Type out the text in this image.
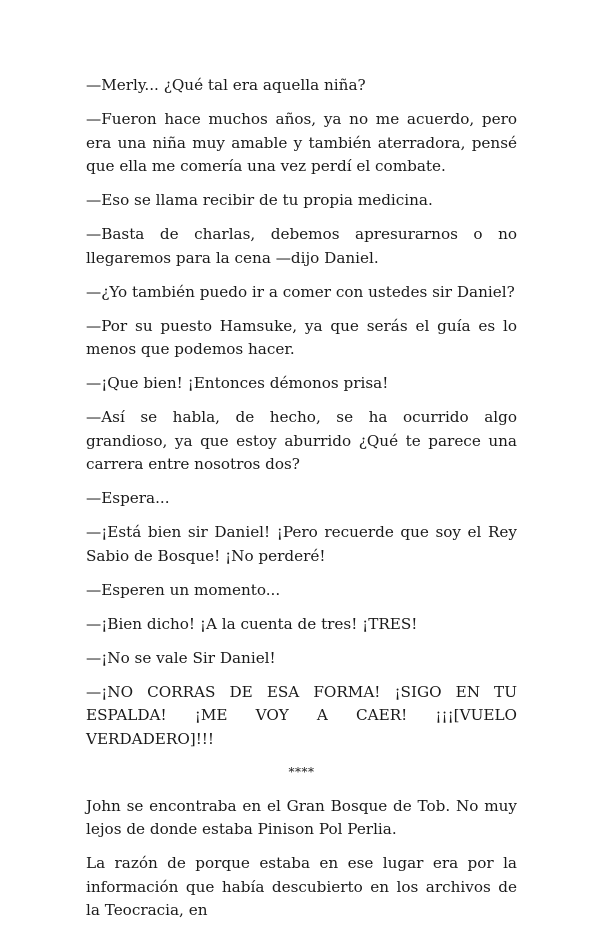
—Merly... ¿Qué tal era aquella niña?

—Fueron hace muchos años, ya no me acuerdo, pero era una niña muy amable y también aterradora, pensé que ella me comería una vez perdí el combate.

—Eso se llama recibir de tu propia medicina.

—Basta de charlas, debemos apresurarnos o no llegaremos para la cena —dijo Daniel.

—¿Yo también puedo ir a comer con ustedes sir Daniel?

—Por su puesto Hamsuke, ya que serás el guía es lo menos que podemos hacer.

—¡Que bien! ¡Entonces démonos prisa!

—Así se habla, de hecho, se ha ocurrido algo grandioso, ya que estoy aburrido ¿Qué te parece una carrera entre nosotros dos?

—Espera...

—¡Está bien sir Daniel! ¡Pero recuerde que soy el Rey Sabio de Bosque! ¡No perderé!

—Esperen un momento...

—¡Bien dicho! ¡A la cuenta de tres! ¡TRES!

—¡No se vale Sir Daniel!

—¡NO CORRAS DE ESA FORMA! ¡SIGO EN TU ESPALDA! ¡ME VOY A CAER! ¡¡¡[VUELO VERDADERO]!!!

****

John se encontraba en el Gran Bosque de Tob. No muy lejos de donde estaba Pinison Pol Perlia.

La razón de porque estaba en ese lugar era por la información que había descubierto en los archivos de la Teocracia, en
